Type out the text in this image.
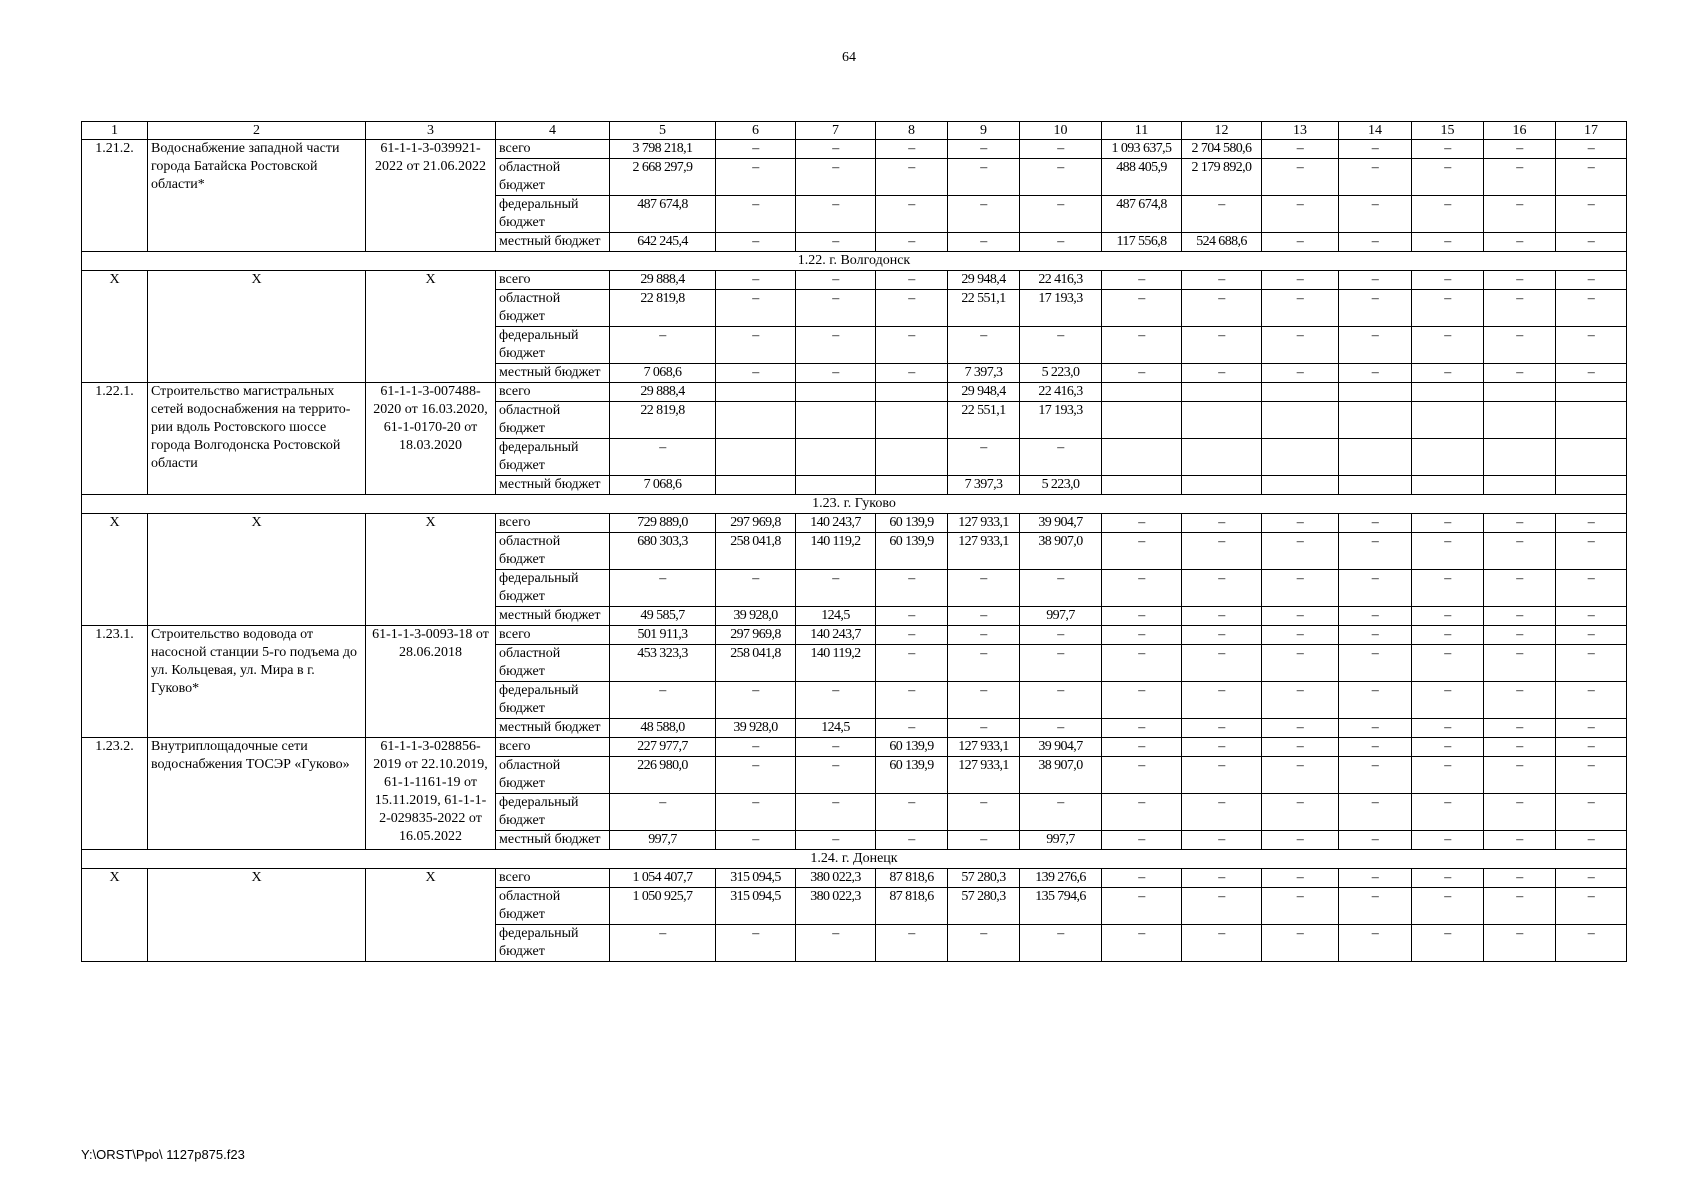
64
1	2	3	4	5	6	7	8	9	10	11	12	13	14	15	16	17
1.21.2.	Водоснабжение западной части города Батайска Ростовской области*	61-1-1-3-039921-2022 от 21.06.2022	всего	3 798 218,1	–	–	–	–	–	1 093 637,5	2 704 580,6	–	–	–	–	–
			областной бюджет	2 668 297,9	–	–	–	–	–	488 405,9	2 179 892,0	–	–	–	–	–
			федеральный бюджет	487 674,8	–	–	–	–	–	487 674,8	–	–	–	–	–	–
			местный бюджет	642 245,4	–	–	–	–	–	117 556,8	524 688,6	–	–	–	–	–
1.22. г. Волгодонск																
Х	Х	Х	всего	29 888,4	–	–	–	29 948,4	22 416,3	–	–	–	–	–	–	–
			областной бюджет	22 819,8	–	–	–	22 551,1	17 193,3	–	–	–	–	–	–	–
			федеральный бюджет	–	–	–	–	–	–	–	–	–	–	–	–	–
			местный бюджет	7 068,6	–	–	–	7 397,3	5 223,0	–	–	–	–	–	–	–
1.22.1.	Строительство магистральных сетей водоснабжения на террито-рии вдоль Ростовского шоссе города Волгодонска Ростовской области	61-1-1-3-007488-2020 от 16.03.2020, 61-1-0170-20 от 18.03.2020	всего	29 888,4				29 948,4	22 416,3							
			областной бюджет	22 819,8				22 551,1	17 193,3							
			федеральный бюджет	–				–	–							
			местный бюджет	7 068,6				7 397,3	5 223,0							
1.23. г. Гуково																
Х	Х	Х	всего	729 889,0	297 969,8	140 243,7	60 139,9	127 933,1	39 904,7	–	–	–	–	–	–	–
			областной бюджет	680 303,3	258 041,8	140 119,2	60 139,9	127 933,1	38 907,0	–	–	–	–	–	–	–
			федеральный бюджет	–	–	–	–	–	–	–	–	–	–	–	–	–
			местный бюджет	49 585,7	39 928,0	124,5	–	–	997,7	–	–	–	–	–	–	–
1.23.1.	Строительство водовода от насосной станции 5-го подъема до ул. Кольцевая, ул. Мира в г. Гуково*	61-1-1-3-0093-18 от 28.06.2018	всего	501 911,3	297 969,8	140 243,7	–	–	–	–	–	–	–	–	–	–
			областной бюджет	453 323,3	258 041,8	140 119,2	–	–	–	–	–	–	–	–	–	–
			федеральный бюджет	–	–	–	–	–	–	–	–	–	–	–	–	–
			местный бюджет	48 588,0	39 928,0	124,5	–	–	–	–	–	–	–	–	–	–
1.23.2.	Внутриплощадочные сети водоснабжения ТОСЭР «Гуково»	61-1-1-3-028856-2019 от 22.10.2019, 61-1-1161-19 от 15.11.2019, 61-1-1-2-029835-2022 от 16.05.2022	всего	227 977,7	–	–	60 139,9	127 933,1	39 904,7	–	–	–	–	–	–	–
			областной бюджет	226 980,0	–	–	60 139,9	127 933,1	38 907,0	–	–	–	–	–	–	–
			федеральный бюджет	–	–	–	–	–	–	–	–	–	–	–	–	–
			местный бюджет	997,7	–	–	–	–	997,7	–	–	–	–	–	–	–
1.24. г. Донецк																
Х	Х	Х	всего	1 054 407,7	315 094,5	380 022,3	87 818,6	57 280,3	139 276,6	–	–	–	–	–	–	–
			областной бюджет	1 050 925,7	315 094,5	380 022,3	87 818,6	57 280,3	135 794,6	–	–	–	–	–	–	–
			федеральный бюджет	–	–	–	–	–	–	–	–	–	–	–	–	–
Y:\ORST\Ppo\ 1127p875.f23
